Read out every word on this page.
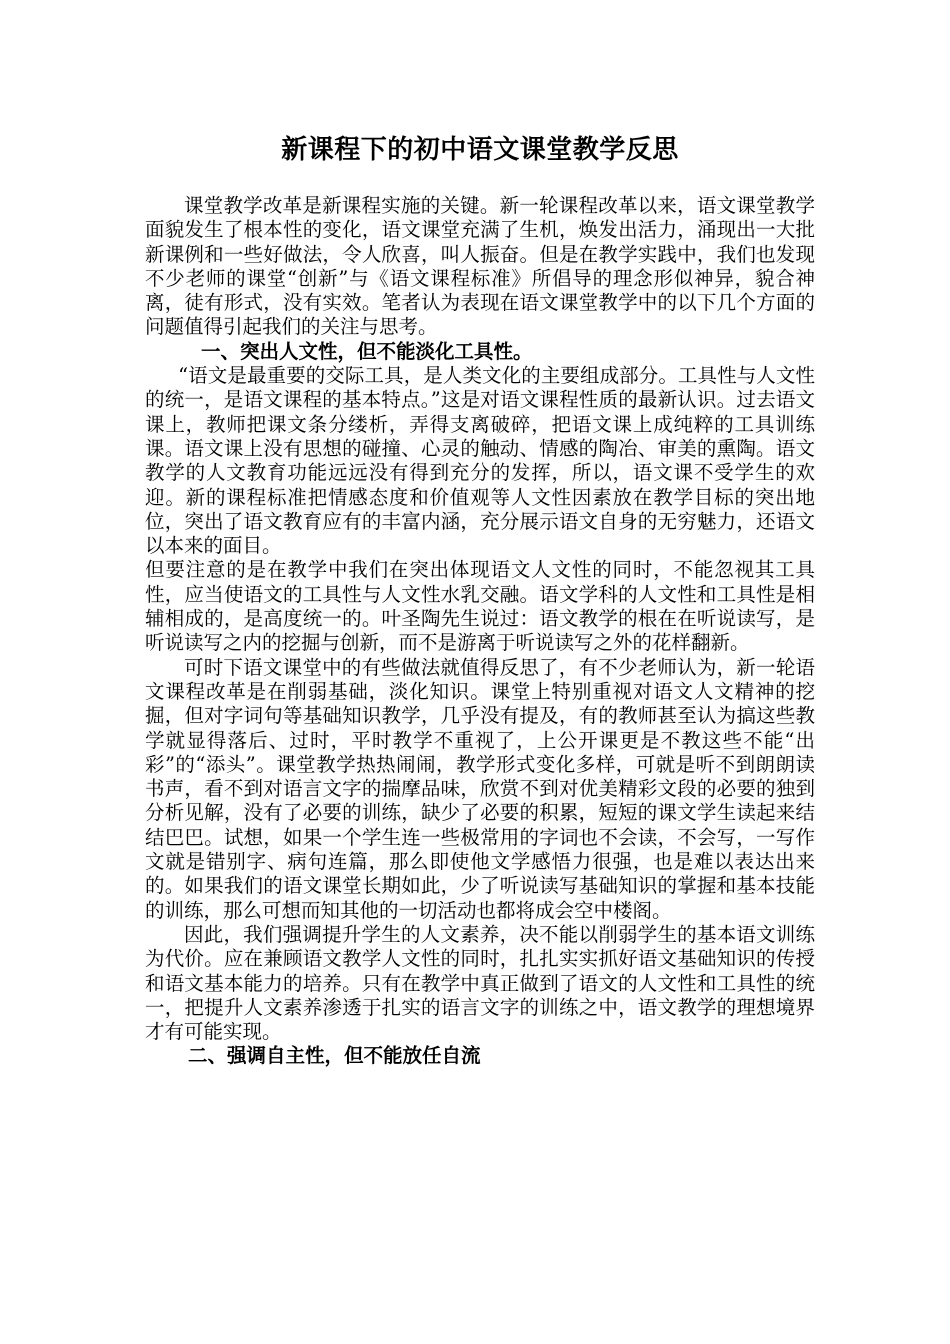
新课程下的初中语文课堂教学反思

课堂教学改革是新课程实施的关键。新一轮课程改革以来，语文课堂教学面貌发生了根本性的变化，语文课堂充满了生机，焕发出活力，涌现出一大批新课例和一些好做法，令人欣喜，叫人振奋。但是在教学实践中，我们也发现不少老师的课堂“创新”与《语文课程标准》所倡导的理念形似神异，貌合神离，徒有形式，没有实效。笔者认为表现在语文课堂教学中的以下几个方面的问题值得引起我们的关注与思考。

一、突出人文性，但不能淡化工具性。

“语文是最重要的交际工具，是人类文化的主要组成部分。工具性与人文性的统一，是语文课程的基本特点。”这是对语文课程性质的最新认识。过去语文课上，教师把课文条分缕析，弄得支离破碎，把语文课上成纯粹的工具训练课。语文课上没有思想的碰撞、心灵的触动、情感的陶冶、审美的熏陶。语文教学的人文教育功能远远没有得到充分的发挥，所以，语文课不受学生的欢迎。新的课程标准把情感态度和价值观等人文性因素放在教学目标的突出地位，突出了语文教育应有的丰富内涵，充分展示语文自身的无穷魅力，还语文以本来的面目。

但要注意的是在教学中我们在突出体现语文人文性的同时，不能忽视其工具性，应当使语文的工具性与人文性水乳交融。语文学科的人文性和工具性是相辅相成的，是高度统一的。叶圣陶先生说过：语文教学的根在在听说读写，是听说读写之内的挖掘与创新，而不是游离于听说读写之外的花样翻新。

可时下语文课堂中的有些做法就值得反思了，有不少老师认为，新一轮语文课程改革是在削弱基础，淡化知识。课堂上特别重视对语文人文精神的挖掘，但对字词句等基础知识教学，几乎没有提及，有的教师甚至认为搞这些教学就显得落后、过时，平时教学不重视了，上公开课更是不教这些不能“出彩”的“添头”。课堂教学热热闹闹，教学形式变化多样，可就是听不到朗朗读书声，看不到对语言文字的揣摩品味，欣赏不到对优美精彩文段的必要的独到分析见解，没有了必要的训练，缺少了必要的积累，短短的课文学生读起来结结巴巴。试想，如果一个学生连一些极常用的字词也不会读，不会写，一写作文就是错别字、病句连篇，那么即使他文学感悟力很强，也是难以表达出来的。如果我们的语文课堂长期如此，少了听说读写基础知识的掌握和基本技能的训练，那么可想而知其他的一切活动也都将成会空中楼阁。

因此，我们强调提升学生的人文素养，决不能以削弱学生的基本语文训练为代价。应在兼顾语文教学人文性的同时，扎扎实实抓好语文基础知识的传授和语文基本能力的培养。只有在教学中真正做到了语文的人文性和工具性的统一，把提升人文素养渗透于扎实的语言文字的训练之中，语文教学的理想境界才有可能实现。

二、强调自主性，但不能放任自流
